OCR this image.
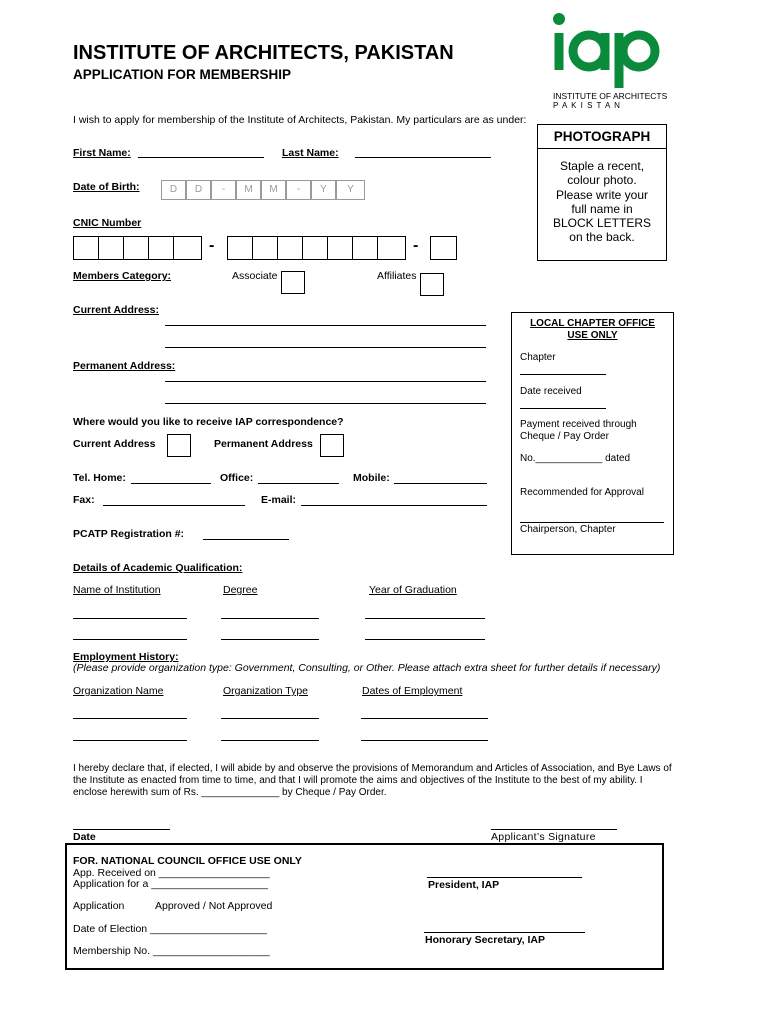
INSTITUTE OF ARCHITECTS, PAKISTAN
APPLICATION FOR MEMBERSHIP
INSTITUTE OF ARCHITECTS
P A K I S T A N
I wish to apply for membership of the Institute of Architects, Pakistan. My particulars are as under:
PHOTOGRAPH
Staple a recent,
colour photo.
Please write your
full name in
BLOCK LETTERS
on the back.
First Name:	Last Name:
Date of Birth:	D	D	-	M	M	-	Y	Y
CNIC Number
-	-
Members Category:	Associate	Affiliates
Current Address:
Permanent Address:
Where would you like to receive IAP correspondence?
Current Address	Permanent Address
Tel. Home:	Office:	Mobile:
Fax:	E-mail:
PCATP Registration #:
LOCAL CHAPTER OFFICE
USE ONLY
Chapter
Date received
Payment received through
Cheque / Pay Order
No.____________ dated
Recommended for Approval
Chairperson, Chapter
Details of Academic Qualification:
Name of Institution	Degree	Year of Graduation
Employment History:
(Please provide organization type: Government, Consulting, or Other. Please attach extra sheet for further details if necessary)
Organization Name	Organization Type	Dates of Employment
I hereby declare that, if elected, I will abide by and observe the provisions of Memorandum and Articles of Association, and Bye Laws of
the Institute as enacted from time to time, and that I will promote the aims and objectives of the Institute to the best of my ability. I
enclose herewith sum of Rs. ______________ by Cheque / Pay Order.
Date	Applicant’s Signature
FOR. NATIONAL COUNCIL OFFICE USE ONLY
App. Received on ___________________
Application for a ____________________
Application	Approved / Not Approved
Date of Election ____________________
Membership No. ____________________
President, IAP
Honorary Secretary, IAP
